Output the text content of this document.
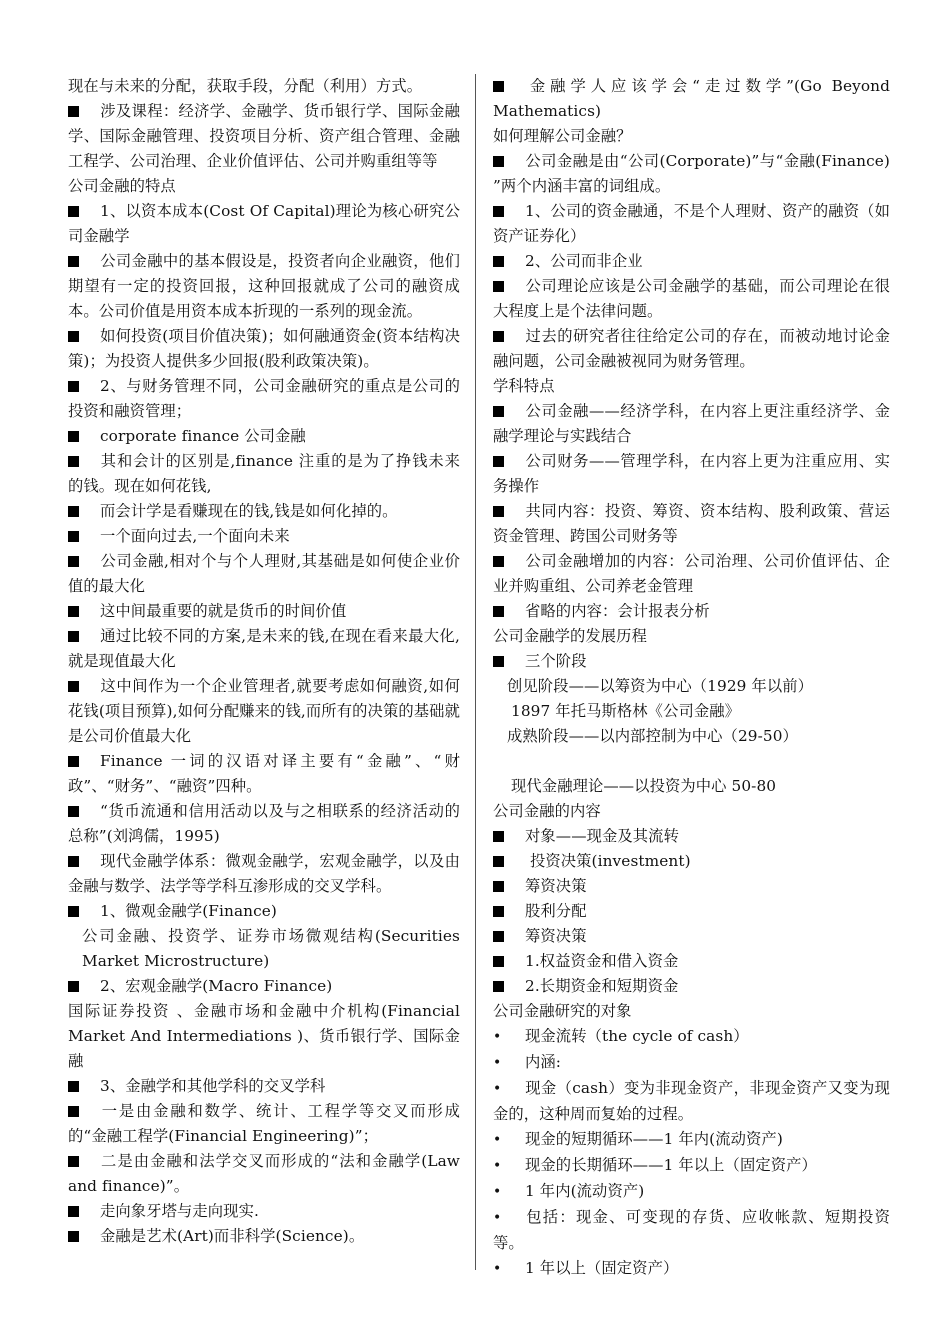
现在与未来的分配，获取手段，分配（利用）方式。

涉及课程：经济学、金融学、货币银行学、国际金融学、国际金融管理、投资项目分析、资产组合管理、金融工程学、公司治理、企业价值评估、公司并购重组等等

公司金融的特点

1、以资本成本(Cost Of Capital)理论为核心研究公司金融学

公司金融中的基本假设是，投资者向企业融资，他们期望有一定的投资回报，这种回报就成了公司的融资成本。公司价值是用资本成本折现的一系列的现金流。

如何投资(项目价值决策)；如何融通资金(资本结构决策)；为投资人提供多少回报(股利政策决策)。

2、与财务管理不同，公司金融研究的重点是公司的投资和融资管理；

corporate finance 公司金融

其和会计的区别是,finance 注重的是为了挣钱未来的钱。现在如何花钱,

而会计学是看赚现在的钱,钱是如何化掉的。

一个面向过去,一个面向未来

公司金融,相对个与个人理财,其基础是如何使企业价值的最大化

这中间最重要的就是货币的时间价值

通过比较不同的方案,是未来的钱,在现在看来最大化,就是现值最大化

这中间作为一个企业管理者,就要考虑如何融资,如何花钱(项目预算),如何分配赚来的钱,而所有的决策的基础就是公司价值最大化

Finance 一词的汉语对译主要有“金融”、“财政”、“财务”、“融资”四种。

“货币流通和信用活动以及与之相联系的经济活动的总称”(刘鸿儒，1995)

现代金融学体系：微观金融学，宏观金融学，以及由金融与数学、法学等学科互渗形成的交叉学科。

1、微观金融学(Finance)

公司金融、投资学、证券市场微观结构(Securities Market Microstructure)

2、宏观金融学(Macro Finance)

国际证券投资 、金融市场和金融中介机构(Financial Market And Intermediations )、货币银行学、国际金融

3、金融学和其他学科的交叉学科

一是由金融和数学、统计、工程学等交叉而形成的“金融工程学(Financial Engineering)”；

二是由金融和法学交叉而形成的“法和金融学(Law and finance)”。

走向象牙塔与走向现实.

金融是艺术(Art)而非科学(Science)。

金融学人应该学会“走过数学”(Go Beyond Mathematics)

如何理解公司金融？

公司金融是由“公司(Corporate)”与“金融(Finance) ”两个内涵丰富的词组成。

1、公司的资金融通，不是个人理财、资产的融资（如资产证券化）

2、公司而非企业

公司理论应该是公司金融学的基础，而公司理论在很大程度上是个法律问题。

过去的研究者往往给定公司的存在，而被动地讨论金融问题，公司金融被视同为财务管理。

学科特点

公司金融——经济学科，在内容上更注重经济学、金融学理论与实践结合

公司财务——管理学科，在内容上更为注重应用、实务操作

共同内容：投资、筹资、资本结构、股利政策、营运资金管理、跨国公司财务等

公司金融增加的内容：公司治理、公司价值评估、企业并购重组、公司养老金管理

省略的内容：会计报表分析

公司金融学的发展历程

三个阶段

创见阶段——以筹资为中心（1929 年以前）

1897 年托马斯格林《公司金融》

成熟阶段——以内部控制为中心（29-50）

现代金融理论——以投资为中心 50-80

公司金融的内容

对象——现金及其流转

投资决策(investment)

筹资决策

股利分配

筹资决策

1.权益资金和借入资金

2.长期资金和短期资金

公司金融研究的对象

• 现金流转（the cycle of cash）

• 内涵:

• 现金（cash）变为非现金资产，非现金资产又变为现金的，这种周而复始的过程。

• 现金的短期循环——1 年内(流动资产)

• 现金的长期循环——1 年以上（固定资产）

• 1 年内(流动资产)

• 包括：现金、可变现的存货、应收帐款、短期投资等。

• 1 年以上（固定资产）
